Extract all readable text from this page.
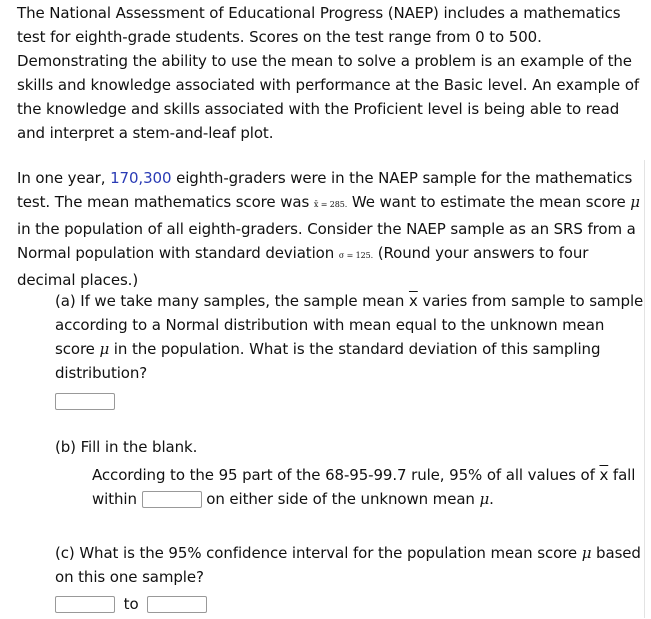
The National Assessment of Educational Progress (NAEP) includes a mathematics test for eighth-grade students. Scores on the test range from 0 to 500. Demonstrating the ability to use the mean to solve a problem is an example of the skills and knowledge associated with performance at the Basic level. An example of the knowledge and skills associated with the Proficient level is being able to read and interpret a stem-and-leaf plot.
In one year, 170,300 eighth-graders were in the NAEP sample for the mathematics test. The mean mathematics score was x̄ = 285. We want to estimate the mean score μ in the population of all eighth-graders. Consider the NAEP sample as an SRS from a Normal population with standard deviation σ = 125. (Round your answers to four decimal places.)
(a) If we take many samples, the sample mean $\overline{x}$ varies from sample to sample according to a Normal distribution with mean equal to the unknown mean score μ in the population. What is the standard deviation of this sampling distribution?
(b) Fill in the blank.
According to the 95 part of the 68-95-99.7 rule, 95% of all values of $\overline{x}$ fall within	on either side of the unknown mean μ.
(c) What is the 95% confidence interval for the population mean score μ based on this one sample?
to
